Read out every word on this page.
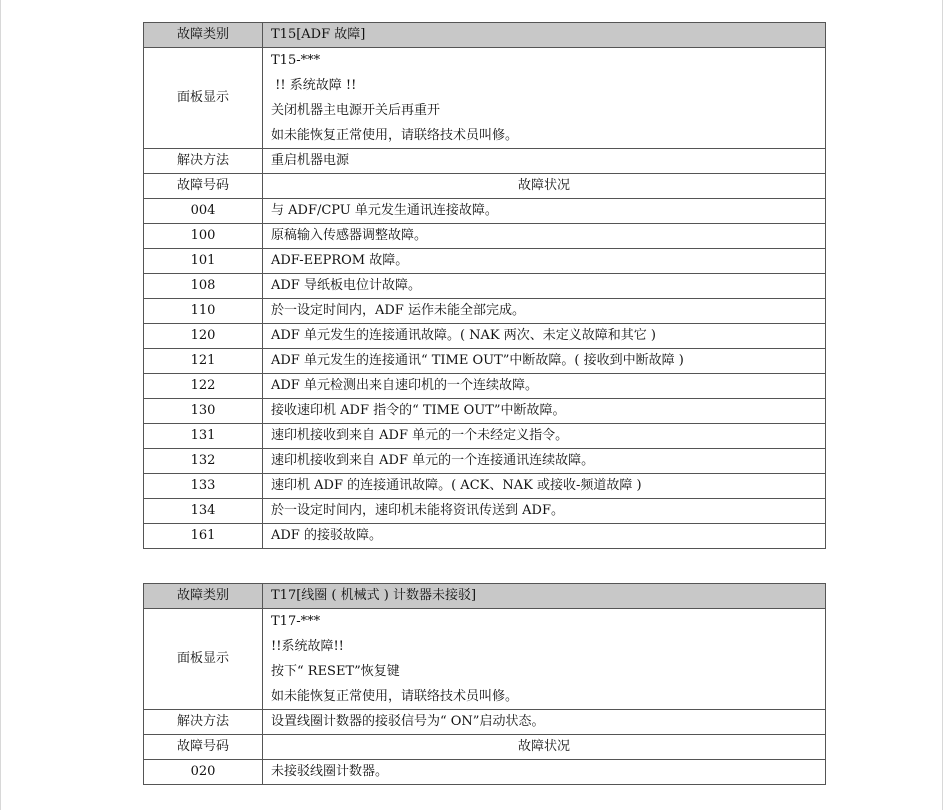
故障类别	T15[ADF 故障]
面板显示	T15-***
!! 系统故障 !!
关闭机器主电源开关后再重开
如未能恢复正常使用，请联络技术员叫修。

解决方法	重启机器电源
故障号码	故障状况
004	与 ADF/CPU 单元发生通讯连接故障。
100	原稿输入传感器调整故障。
101	ADF-EEPROM 故障。
108	ADF 导纸板电位计故障。
110	於一设定时间内，ADF 运作未能全部完成。
120	ADF 单元发生的连接通讯故障。( NAK 两次、未定义故障和其它 )
121	ADF 单元发生的连接通讯“ TIME OUT”中断故障。( 接收到中断故障 )
122	ADF 单元检测出来自速印机的一个连续故障。
130	接收速印机 ADF 指令的“ TIME OUT”中断故障。
131	速印机接收到来自 ADF 单元的一个未经定义指令。
132	速印机接收到来自 ADF 单元的一个连接通讯连续故障。
133	速印机 ADF 的连接通讯故障。( ACK、NAK 或接收-频道故障 )
134	於一设定时间内，速印机未能将资讯传送到 ADF。
161	ADF 的接驳故障。
故障类别	T17[线圈 ( 机械式 ) 计数器未接驳]
面板显示	T17-***
!!系统故障!!
按下“ RESET”恢复键
如未能恢复正常使用，请联络技术员叫修。

解决方法	设置线圈计数器的接驳信号为“ ON”启动状态。
故障号码	故障状况
020	未接驳线圈计数器。
